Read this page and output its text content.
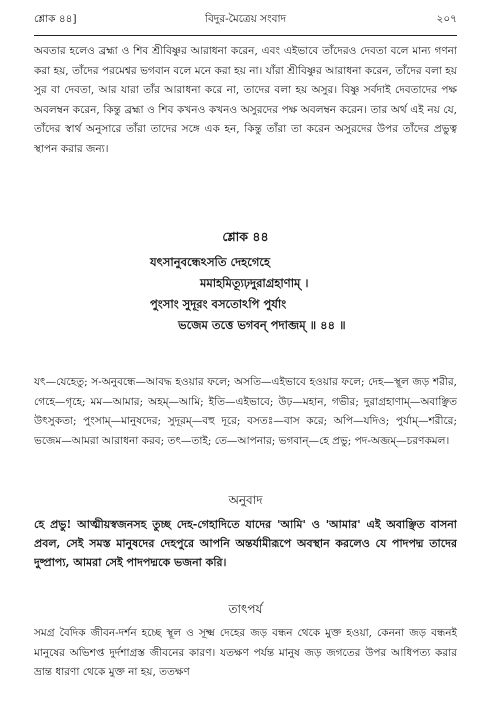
শ্লোক ৪৪]	বিদুর-মৈত্রেয় সংবাদ	২০৭
অবতার হলেও ব্রহ্মা ও শিব শ্রীবিষ্ণুর আরাধনা করেন, এবং এইভাবে তাঁদেরও দেবতা বলে মান্য গণনা করা হয়, তাঁদের পরমেশ্বর ভগবান বলে মনে করা হয় না। যাঁরা শ্রীবিষ্ণুর আরাধনা করেন, তাঁদের বলা হয় সুর বা দেবতা, আর যারা তাঁর আরাধনা করে না, তাদের বলা হয় অসুর। বিষ্ণু সর্বদাই দেবতাদের পক্ষ অবলম্বন করেন, কিন্তু ব্রহ্মা ও শিব কখনও কখনও অসুরদের পক্ষ অবলম্বন করেন। তার অর্থ এই নয় যে, তাঁদের স্বার্থ অনুসারে তাঁরা তাদের সঙ্গে এক হন, কিন্তু তাঁরা তা করেন অসুরদের উপর তাঁদের প্রভুত্ব স্থাপন করার জন্য।
শ্লোক ৪৪
যৎসানুবন্ধেঽসতি দেহগেহে
মমাহমিত্যূঢ়দুরাগ্রহাণাম্‌ ।
পুংসাং সুদূরং বসতোঽপি পুর্যাং
ভজেম তত্তে ভগবন্‌ পদাব্জম্‌ ॥ ৪৪ ॥
যৎ—যেহেতু; স-অনুবন্ধে—আবদ্ধ হওয়ার ফলে; অসতি—এইভাবে হওয়ার ফলে; দেহ—স্থূল জড় শরীর, গেহে—গৃহে; মম—আমার; অহম্‌—আমি; ইতি—এইভাবে; উঢ়—মহান, গভীর; দুরাগ্রহাণাম্‌—অবাঞ্ছিত উৎসুকতা; পুংসাম্‌—মানুষদের; সুদূরম্‌—বহু দূরে; বসতঃ—বাস করে; অপি—যদিও; পুর্যাম্‌—শরীরে; ভজেম—আমরা আরাধনা করব; তৎ—তাই; তে—আপনার; ভগবান্‌—হে প্রভু; পদ-অব্জম্‌—চরণকমল।
অনুবাদ
হে প্রভু! আত্মীয়স্বজনসহ তুচ্ছ দেহ-গেহাদিতে যাদের 'আমি' ও 'আমার' এই অবাঞ্ছিত বাসনা প্রবল, সেই সমস্ত মানুষদের দেহপুরে আপনি অন্তর্যামীরূপে অবস্থান করলেও যে পাদপদ্ম তাদের দুষ্প্রাপ্য, আমরা সেই পাদপদ্মকে ভজনা করি।
তাৎপর্য
সমগ্র বৈদিক জীবন-দর্শন হচ্ছে স্থূল ও সূক্ষ্ম দেহের জড় বন্ধন থেকে মুক্ত হওয়া, কেননা জড় বন্ধনই মানুষের অভিশপ্ত দুর্দশাগ্রস্ত জীবনের কারণ। যতক্ষণ পর্যন্ত মানুষ জড় জগতের উপর আধিপত্য করার ভ্রান্ত ধারণা থেকে মুক্ত না হয়, ততক্ষণ
